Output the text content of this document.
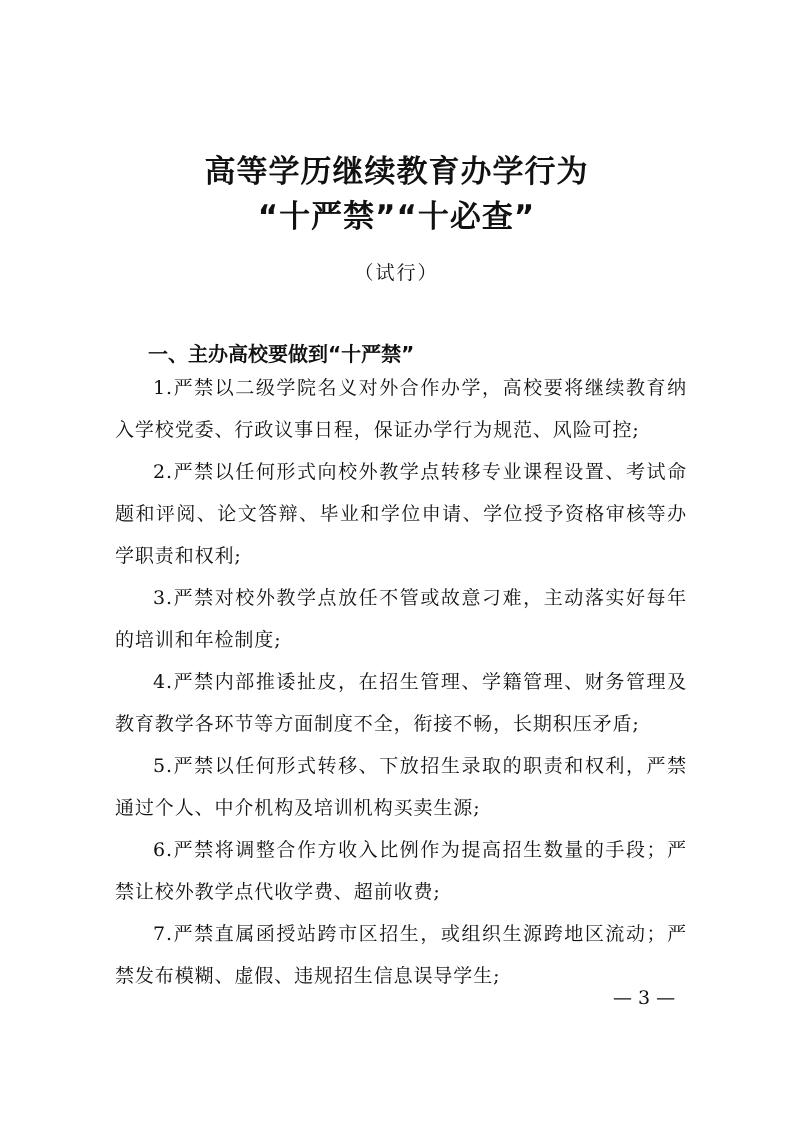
高等学历继续教育办学行为
“十严禁”“十必查”
（试行）
一、主办高校要做到“十严禁”

1.严禁以二级学院名义对外合作办学，高校要将继续教育纳入学校党委、行政议事日程，保证办学行为规范、风险可控;

2.严禁以任何形式向校外教学点转移专业课程设置、考试命题和评阅、论文答辩、毕业和学位申请、学位授予资格审核等办学职责和权利;

3.严禁对校外教学点放任不管或故意刁难，主动落实好每年的培训和年检制度;

4.严禁内部推诿扯皮，在招生管理、学籍管理、财务管理及教育教学各环节等方面制度不全，衔接不畅，长期积压矛盾;

5.严禁以任何形式转移、下放招生录取的职责和权利，严禁通过个人、中介机构及培训机构买卖生源;

6.严禁将调整合作方收入比例作为提高招生数量的手段；严禁让校外教学点代收学费、超前收费;

7.严禁直属函授站跨市区招生，或组织生源跨地区流动；严禁发布模糊、虚假、违规招生信息误导学生;

— 3 —
